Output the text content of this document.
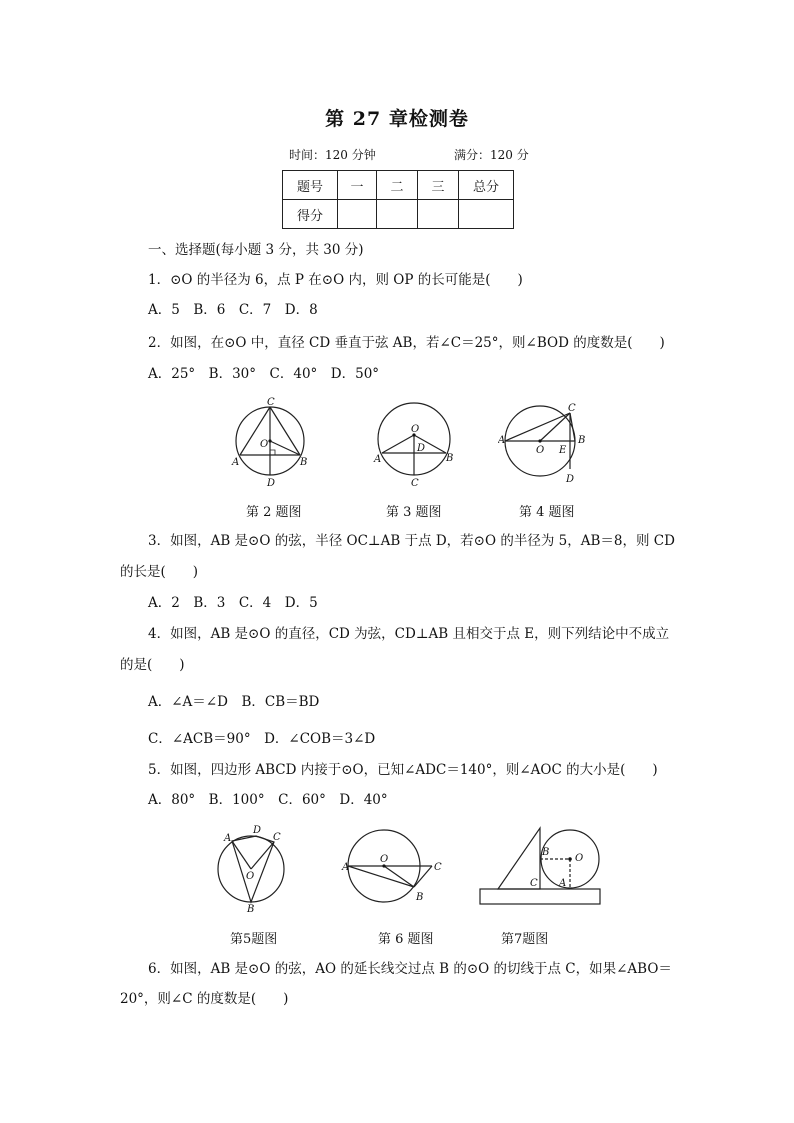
第 27 章检测卷
时间：120 分钟	满分：120 分
题号	一	二	三	总分
得分				
一、选择题(每小题 3 分，共 30 分)
1．⊙O 的半径为 6，点 P 在⊙O 内，则 OP 的长可能是(　　)
A．5　B．6　C．7　D．8
2．如图，在⊙O 中，直径 CD 垂直于弦 AB，若∠C＝25°，则∠BOD 的度数是(　　)
A．25°　B．30°　C．40°　D．50°
C
O
A	B
D
O
D
A	B
C
C
A
O E
B
D
第 2 题图	第 3 题图	第 4 题图
3．如图，AB 是⊙O 的弦，半径 OC⊥AB 于点 D，若⊙O 的半径为 5，AB＝8，则 CD
的长是(　　)
A．2　B．3　C．4　D．5
4．如图，AB 是⊙O 的直径，CD 为弦，CD⊥AB 且相交于点 E，则下列结论中不成立
的是(　　)
A．∠A＝∠D　B．CB＝BD
C．∠ACB＝90°　D．∠COB＝3∠D
5．如图，四边形 ABCD 内接于⊙O，已知∠ADC＝140°，则∠AOC 的大小是(　　)
A．80°　B．100°　C．60°　D．40°
A
D
C
O
B
A
O
C
B
B
O
C A
第5题图	第 6 题图	第7题图
6．如图，AB 是⊙O 的弦，AO 的延长线交过点 B 的⊙O 的切线于点 C，如果∠ABO＝
20°，则∠C 的度数是(　　)
